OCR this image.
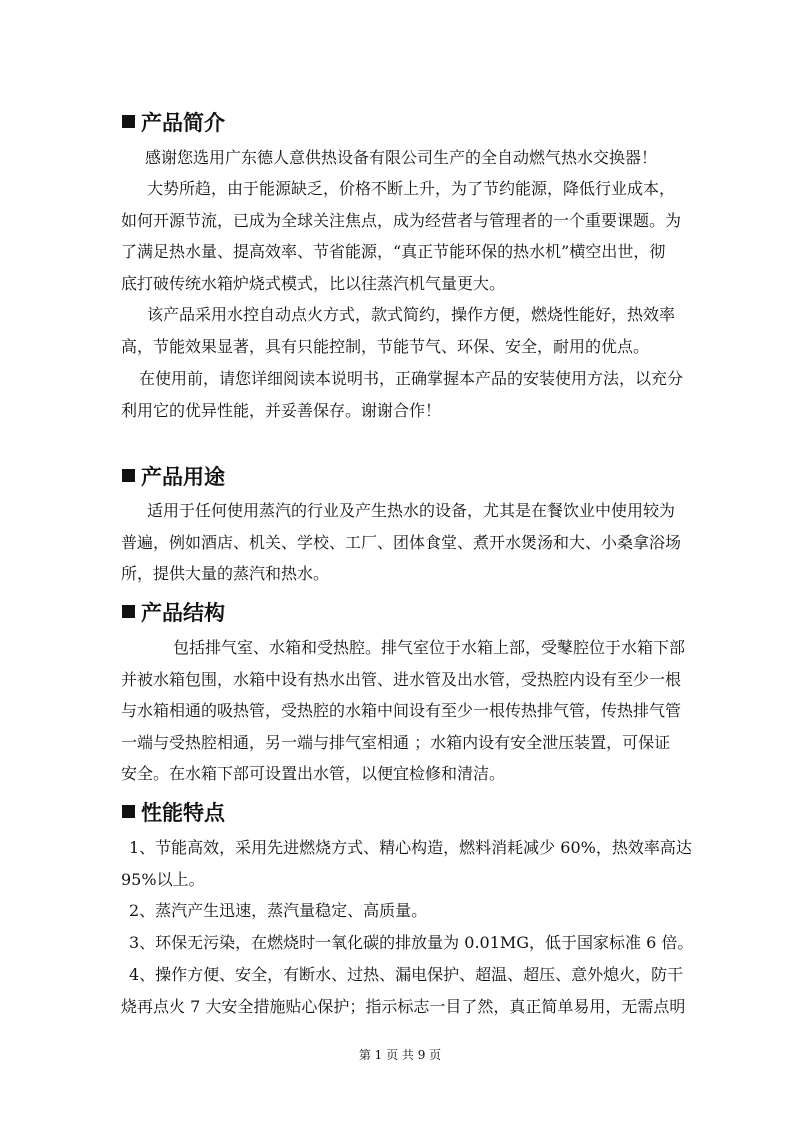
产品简介
感谢您选用广东德人意供热设备有限公司生产的全自动燃气热水交换器！
大势所趋，由于能源缺乏，价格不断上升，为了节约能源，降低行业成本，
如何开源节流，已成为全球关注焦点，成为经营者与管理者的一个重要课题。为
了满足热水量、提高效率、节省能源，“真正节能环保的热水机”横空出世，彻
底打破传统水箱炉烧式模式，比以往蒸汽机气量更大。
该产品采用水控自动点火方式，款式简约，操作方便，燃烧性能好，热效率
高，节能效果显著，具有只能控制，节能节气、环保、安全，耐用的优点。
在使用前，请您详细阅读本说明书，正确掌握本产品的安装使用方法，以充分
利用它的优异性能，并妥善保存。谢谢合作！
产品用途
适用于任何使用蒸汽的行业及产生热水的设备，尤其是在餐饮业中使用较为
普遍，例如酒店、机关、学校、工厂、团体食堂、煮开水煲汤和大、小桑拿浴场
所，提供大量的蒸汽和热水。
产品结构
包括排气室、水箱和受热腔。排气室位于水箱上部，受鼕腔位于水箱下部
并被水箱包围，水箱中设有热水出管、进水管及出水管，受热腔内设有至少一根
与水箱相通的吸热管，受热腔的水箱中间设有至少一根传热排气管，传热排气管
一端与受热腔相通，另一端与排气室相通 ；水箱内设有安全泄压装置，可保证
安全。在水箱下部可设置出水管，以便宜检修和清洁。
性能特点
1、节能高效，采用先进燃烧方式、精心构造，燃料消耗减少 60%，热效率高达
95%以上。
2、蒸汽产生迅速，蒸汽量稳定、高质量。
3、环保无污染，在燃烧时一氧化碳的排放量为 0.01MG，低于国家标准 6 倍。
4、操作方便、安全，有断水、过热、漏电保护、超温、超压、意外熄火，防干
烧再点火 7 大安全措施贴心保护；指示标志一目了然，真正简单易用，无需点明
第 1 页 共 9 页
